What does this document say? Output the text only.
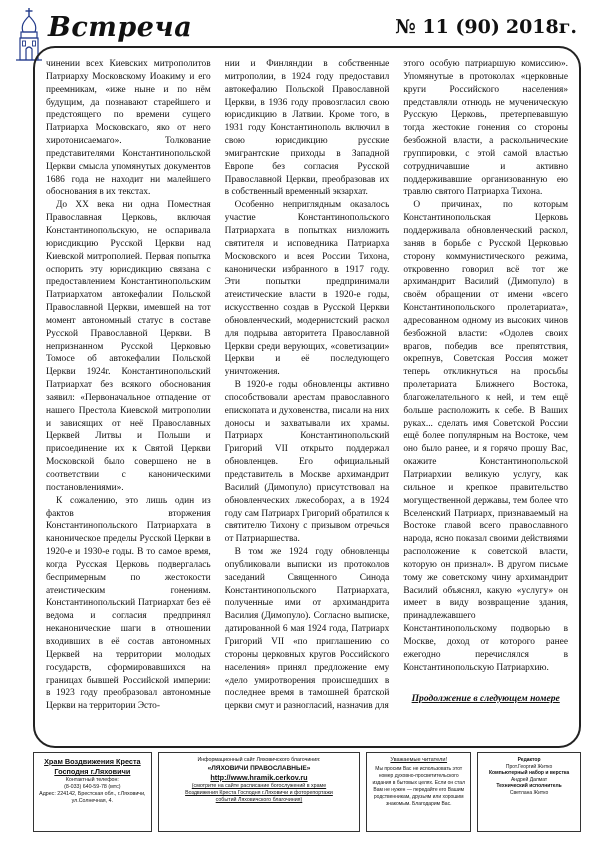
Встреча	№ 11 (90) 2018г.

чинении всех Киевских митрополитов Патриарху Московскому Иоакиму и его преемникам, «иже ныне и по нём будущим, да познавают старейшего и предстоящего по времени сущего Патриарха Московскаго, яко от него хиротонисаемаго». Толкование представителями Константинопольской Церкви смысла упомянутых документов 1686 года не находит ни малейшего обоснования в их текстах.

До XX века ни одна Поместная Православная Церковь, включая Константинопольскую, не оспаривала юрисдикцию Русской Церкви над Киевской митрополией. Первая попытка оспорить эту юрисдикцию связана с предоставлением Константинопольским Патриархатом автокефалии Польской Православной Церкви, имевшей на тот момент автономный статус в составе Русской Православной Церкви. В непризнанном Русской Церковью Томосе об автокефалии Польской Церкви 1924г. Константинопольский Патриархат без всякого обоснования заявил: «Первоначальное отпадение от нашего Престола Киевской митрополии и зависящих от неё Православных Церквей Литвы и Польши и присоединение их к Святой Церкви Московской было совершено не в соответствии с каноническими постановлениями».

К сожалению, это лишь один из фактов вторжения Константинопольского Патриархата в каноническое пределы Русской Церкви в 1920-е и 1930-е годы. В то самое время, когда Русская Церковь подвергалась беспримерным по жестокости атеистическим гонениям. Константинопольский Патриархат без её ведома и согласия предпринял неканонические шаги в отношении входивших в её состав автономных Церквей на территории молодых государств, сформировавшихся на границах бывшей Российской империи: в 1923 году преобразовал автономные Церкви на территории Эсто-

нии и Финляндии в собственные митрополии, в 1924 году предоставил автокефалию Польской Православной Церкви, в 1936 году провозгласил свою юрисдикцию в Латвии. Кроме того, в 1931 году Константинополь включил в свою юрисдикцию русские эмигрантские приходы в Западной Европе без согласия Русской Православной Церкви, преобразовав их в собственный временный экзархат.

Особенно неприглядным оказалось участие Константинопольского Патриархата в попытках низложить святителя и исповедника Патриарха Московского и всея России Тихона, канонически избранного в 1917 году. Эти попытки предпринимали атеистические власти в 1920-е годы, искусственно создав в Русской Церкви обновленческий, модернистский раскол для подрыва авторитета Православной Церкви среди верующих, «советизации» Церкви и её последующего уничтожения.

В 1920-е годы обновленцы активно способствовали арестам православного епископата и духовенства, писали на них доносы и захватывали их храмы. Патриарх Константинопольский Григорий VII открыто поддержал обновленцев. Его официальный представитель в Москве архимандрит Василий (Димопуло) присутствовал на обновленческих лжесоборах, а в 1924 году сам Патриарх Григорий обратился к святителю Тихону с призывом отречься от Патриаршества.

В том же 1924 году обновленцы опубликовали выписки из протоколов заседаний Священного Синода Константинопольского Патриархата, полученные ими от архимандрита Василия (Димопуло). Согласно выписке, датированной 6 мая 1924 года, Патриарх Григорий VII «по приглашению со стороны церковных кругов Российского населения» принял предложение ему «дело умиротворения происшедших в последнее время в тамошней братской церкви смут и разногласий, назначив для

этого особую патриаршую комиссию». Упомянутые в протоколах «церковные круги Российского населения» представляли отнюдь не мученическую Русскую Церковь, претерпевавшую тогда жестокие гонения со стороны безбожной власти, а раскольнические группировки, с этой самой властью сотрудничавшие и активно поддерживавшие организованную ею травлю святого Патриарха Тихона.

О причинах, по которым Константинопольская Церковь поддерживала обновленческий раскол, заняв в борьбе с Русской Церковью сторону коммунистического режима, откровенно говорил всё тот же архимандрит Василий (Димопуло) в своём обращении от имени «всего Константинопольского пролетариата», адресованном одному из высоких чинов безбожной власти: «Одолев своих врагов, победив все препятствия, окрепнув, Советская Россия может теперь откликнуться на просьбы пролетариата Ближнего Востока, благожелательного к ней, и тем ещё больше расположить к себе. В Ваших руках... сделать имя Советской России ещё более популярным на Востоке, чем оно было ранее, и я горячо прошу Вас, окажите Константинопольской Патриархии великую услугу, как сильное и крепкое правительство могущественной державы, тем более что Вселенский Патриарх, признаваемый на Востоке главой всего православного народа, ясно показал своими действиями расположение к советской власти, которую он признал». В другом письме тому же советскому чину архимандрит Василий объяснял, какую «услугу» он имеет в виду возвращение здания, принадлежавшего Константинопольскому подворью в Москве, доход от которого ранее ежегодно перечислялся в Константинопольскую Патриархию.

Продолжение в следующем номере

Храм Воздвижения Креста Господня г.Ляховичи
Контактный телефон:
(8-033) 640-59-78 (мтс)
Адрес: 224142, Брестская обл., г.Ляховичи, ул.Солнечная, 4.
Информационный сайт Ляховичского благочиния:
«ЛЯХОВИЧИ ПРАВОСЛАВНЫЕ»
http://www.hramik.cerkov.ru
(смотрите на сайте расписание богослужений в храме
Воздвижения Креста Господня г.Ляховичи и фоторепортажи
событий Ляховичского благочиния)
Уважаемые читатели!
Мы просим Вас не использовать этот номер духовно-просветительского издания в бытовых целях. Если он стал Вам не нужен — передайте его Вашим родственникам, друзьям или хорошим знакомым. Благодарим Вас.
Редактор
Прот.Георгий Житко
Компьютерный набор и верстка
Андрей Далмат
Технический исполнитель
Светлана Житко
